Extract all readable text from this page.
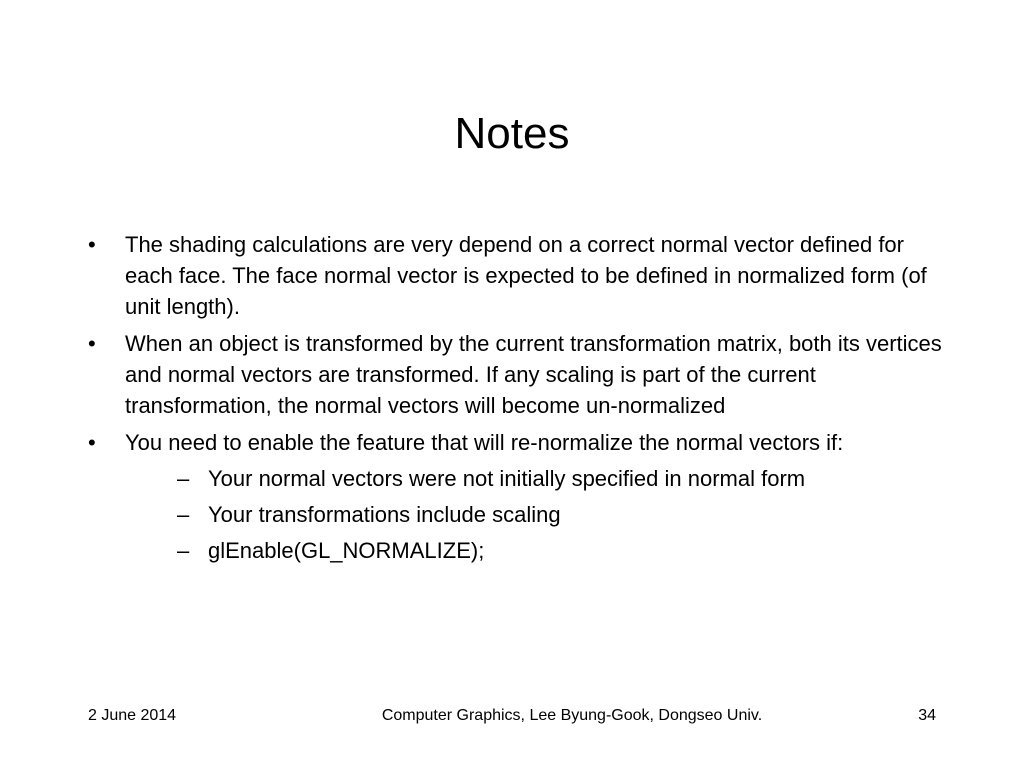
Notes
• The shading calculations are very depend on a correct normal vector defined for each face. The face normal vector is expected to be defined in normalized form (of unit length).
• When an object is transformed by the current transformation matrix, both its vertices and normal vectors are transformed. If any scaling is part of the current transformation, the normal vectors will become un-normalized
• You need to enable the feature that will re-normalize the normal vectors if:
– Your normal vectors were not initially specified in normal form
– Your transformations include scaling
– glEnable(GL_NORMALIZE);
2 June 2014	Computer Graphics, Lee Byung-Gook, Dongseo Univ.	34
